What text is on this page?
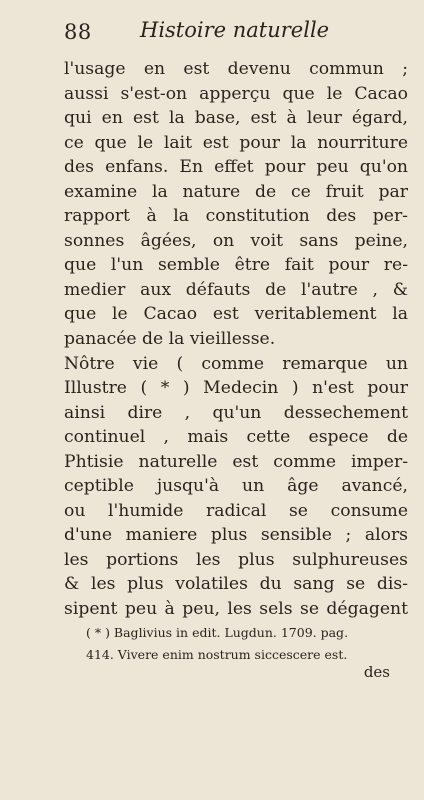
88 Histoire naturelle
l'usage en est devenu commun ;
aussi s'est-on apperçu que le Cacao
qui en est la base, est à leur égard,
ce que le lait est pour la nourriture
des enfans. En effet pour peu qu'on
examine la nature de ce fruit par
rapport à la constitution des per-
sonnes âgées, on voit sans peine,
que l'un semble être fait pour re-
medier aux défauts de l'autre , &
que le Cacao est veritablement la
panacée de la vieillesse.
Nôtre vie ( comme remarque un
Illustre ( * ) Medecin ) n'est pour
ainsi dire , qu'un dessechement
continuel , mais cette espece de
Phtisie naturelle est comme imper-
ceptible jusqu'à un âge avancé,
ou l'humide radical se consume
d'une maniere plus sensible ; alors
les portions les plus sulphureuses
& les plus volatiles du sang se dis-
sipent peu à peu, les sels se dégagent
( * ) Baglivius in edit. Lugdun. 1709. pag.
414. Vivere enim nostrum siccescere est.
des
